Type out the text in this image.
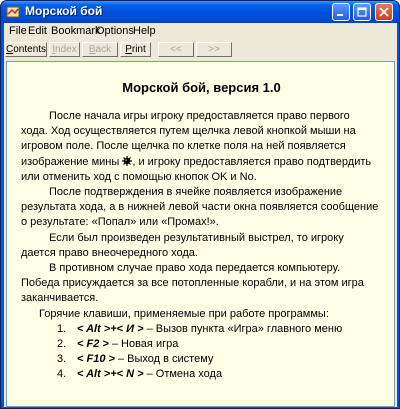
Морской бой
File Edit Bookmark
Options Help
Contents Index	Back	Print	<<	>>
Морской бой, версия 1.0

После начала игры игроку предоставляется право первого хода. Ход осуществляется путем щелчка левой кнопкой мыши на игровом поле. После щелчка по клетке поля на ней появляется изображение мины , и игроку предоставляется право подтвердить или отменить ход с помощью кнопок OK и No.

После подтверждения в ячейке появляется изображение результата хода, а в нижней левой части окна появляется сообщение о результате: «Попал» или «Промах!».

Если был произведен результативный выстрел, то игроку дается право внеочередного хода.

В противном случае право хода передается компьютеру. Победа присуждается за все потопленные корабли, и на этом игра заканчивается.

Горячие клавиши, применяемые при работе программы:

1. < Alt >+< И > – Вызов пункта «Игра» главного меню
2. < F2 > – Новая игра
3. < F10 > – Выход в систему
4. < Alt >+< N > – Отмена хода
